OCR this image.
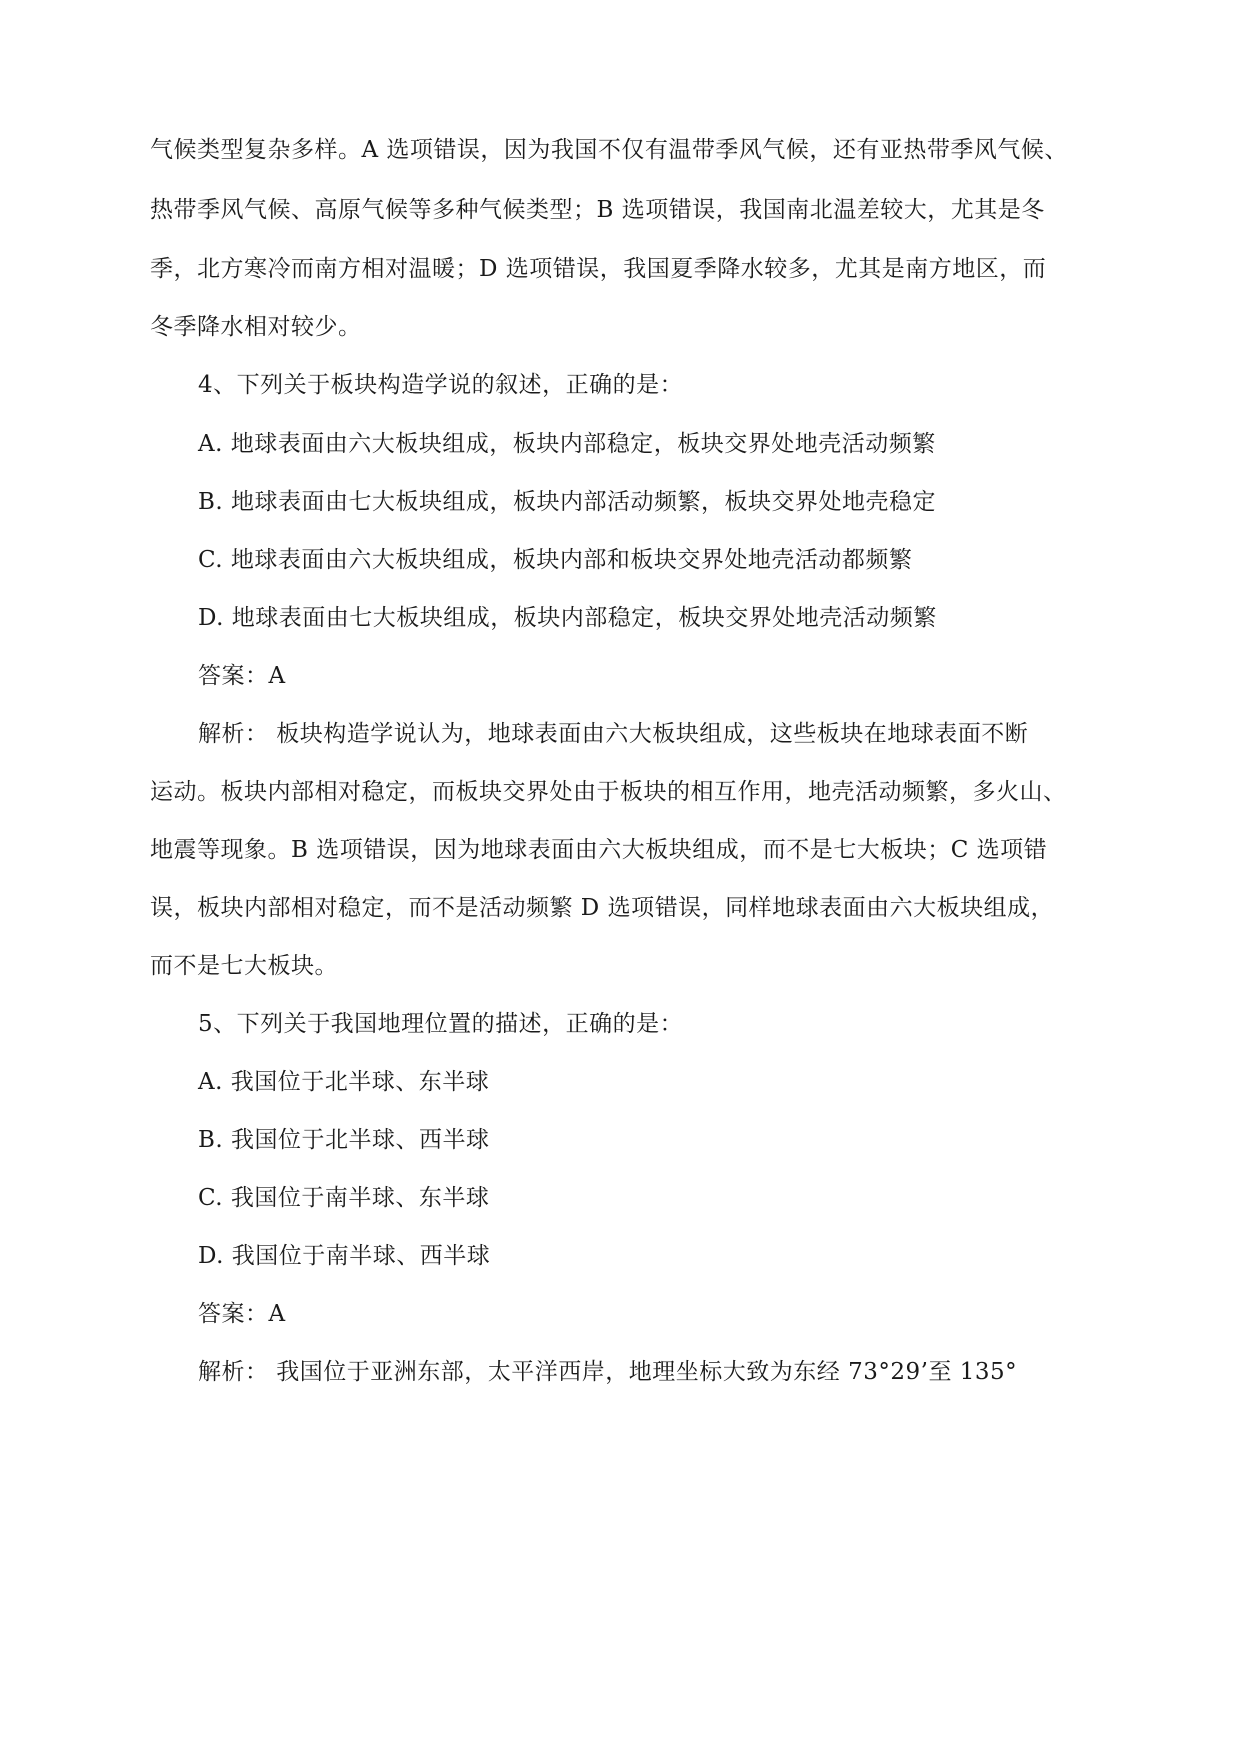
气候类型复杂多样。A 选项错误，因为我国不仅有温带季风气候，还有亚热带季风气候、
热带季风气候、高原气候等多种气候类型；B 选项错误，我国南北温差较大，尤其是冬
季，北方寒冷而南方相对温暖；D 选项错误，我国夏季降水较多，尤其是南方地区，而
冬季降水相对较少。
4、下列关于板块构造学说的叙述，正确的是：
A. 地球表面由六大板块组成，板块内部稳定，板块交界处地壳活动频繁
B. 地球表面由七大板块组成，板块内部活动频繁，板块交界处地壳稳定
C. 地球表面由六大板块组成，板块内部和板块交界处地壳活动都频繁
D. 地球表面由七大板块组成，板块内部稳定，板块交界处地壳活动频繁
答案：A
解析： 板块构造学说认为，地球表面由六大板块组成，这些板块在地球表面不断
运动。板块内部相对稳定，而板块交界处由于板块的相互作用，地壳活动频繁，多火山、
地震等现象。B 选项错误，因为地球表面由六大板块组成，而不是七大板块；C 选项错
误，板块内部相对稳定，而不是活动频繁 D 选项错误，同样地球表面由六大板块组成，
而不是七大板块。
5、下列关于我国地理位置的描述，正确的是：
A. 我国位于北半球、东半球
B. 我国位于北半球、西半球
C. 我国位于南半球、东半球
D. 我国位于南半球、西半球
答案：A
解析： 我国位于亚洲东部，太平洋西岸，地理坐标大致为东经 73°29’至 135°
